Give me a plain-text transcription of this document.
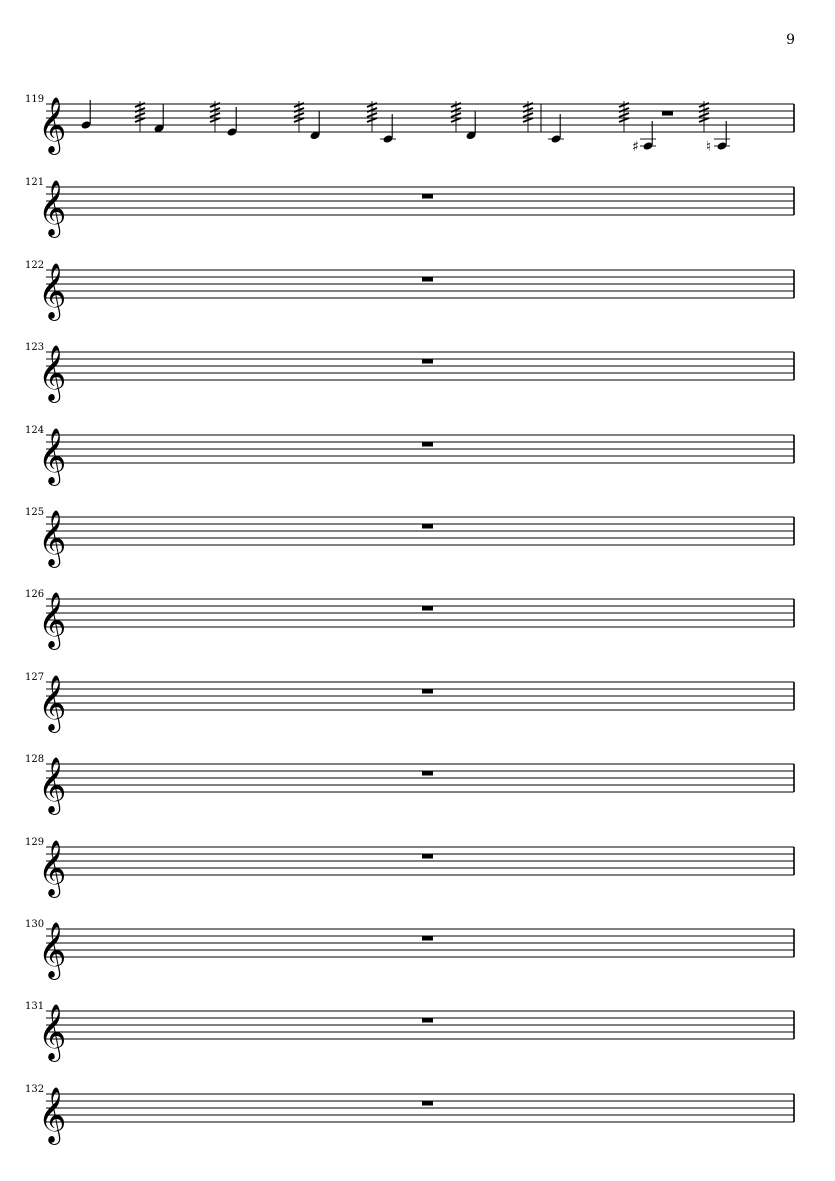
9
119
𝄞	♯	♮
121
𝄞
122
𝄞
123
𝄞
124
𝄞
125
𝄞
126
𝄞
127
𝄞
128
𝄞
129
𝄞
130
𝄞
131
𝄞
132
𝄞
